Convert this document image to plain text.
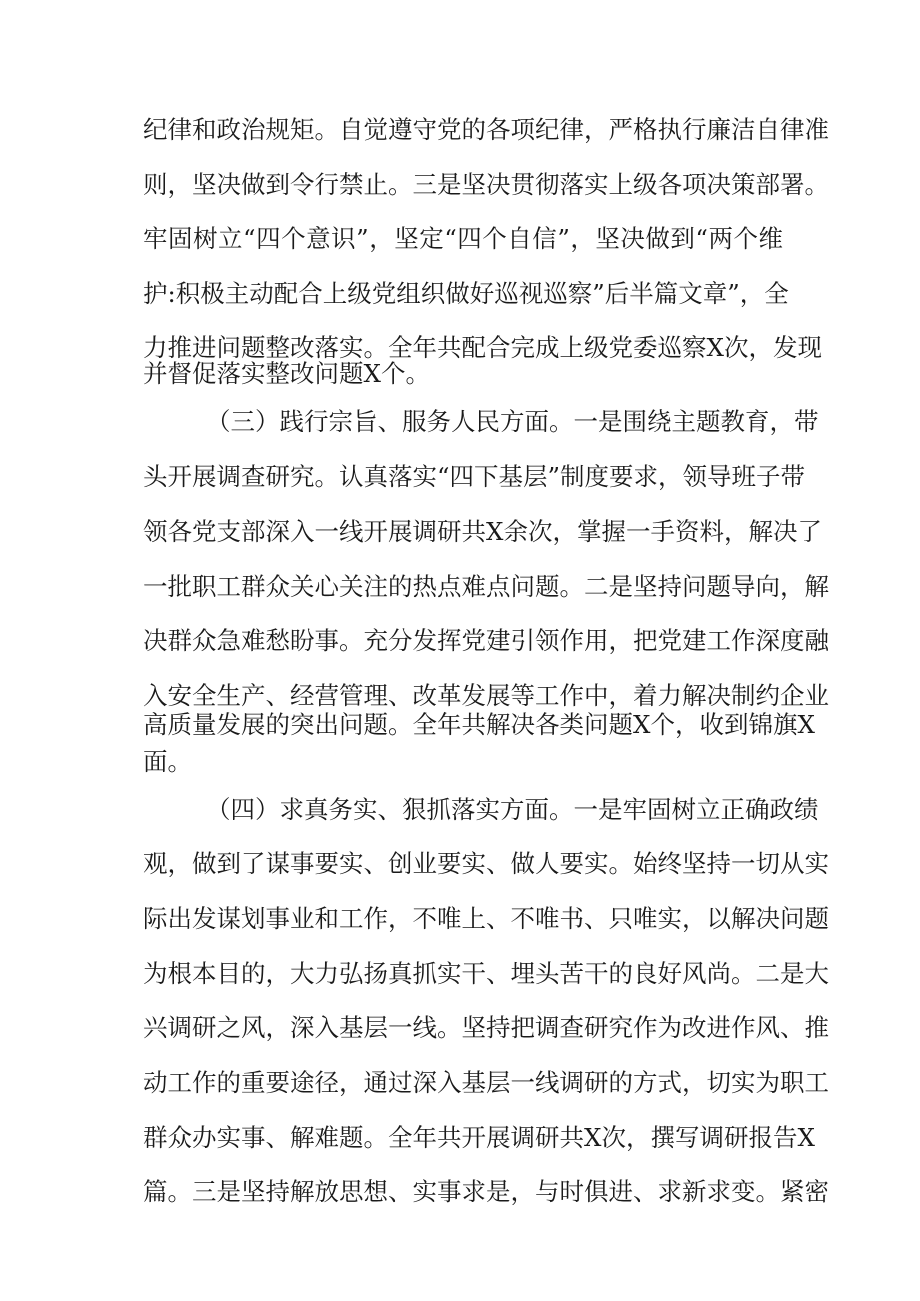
纪律和政治规矩。自觉遵守党的各项纪律，严格执行廉洁自律准
则，坚决做到令行禁止。三是坚决贯彻落实上级各项决策部署。
牢固树立“四个意识”，坚定“四个自信”，坚决做到“两个维
护:积极主动配合上级党组织做好巡视巡察”后半篇文章”，全
力推进问题整改落实。全年共配合完成上级党委巡察X次，发现
并督促落实整改问题X个。
（三）践行宗旨、服务人民方面。一是围绕主题教育，带
头开展调查研究。认真落实“四下基层”制度要求，领导班子带
领各党支部深入一线开展调研共X余次，掌握一手资料，解决了
一批职工群众关心关注的热点难点问题。二是坚持问题导向，解
决群众急难愁盼事。充分发挥党建引领作用，把党建工作深度融
入安全生产、经营管理、改革发展等工作中，着力解决制约企业
高质量发展的突出问题。全年共解决各类问题X个，收到锦旗X
面。
（四）求真务实、狠抓落实方面。一是牢固树立正确政绩
观，做到了谋事要实、创业要实、做人要实。始终坚持一切从实
际出发谋划事业和工作，不唯上、不唯书、只唯实，以解决问题
为根本目的，大力弘扬真抓实干、埋头苦干的良好风尚。二是大
兴调研之风，深入基层一线。坚持把调查研究作为改进作风、推
动工作的重要途径，通过深入基层一线调研的方式，切实为职工
群众办实事、解难题。全年共开展调研共X次，撰写调研报告X
篇。三是坚持解放思想、实事求是，与时俱进、求新求变。紧密
